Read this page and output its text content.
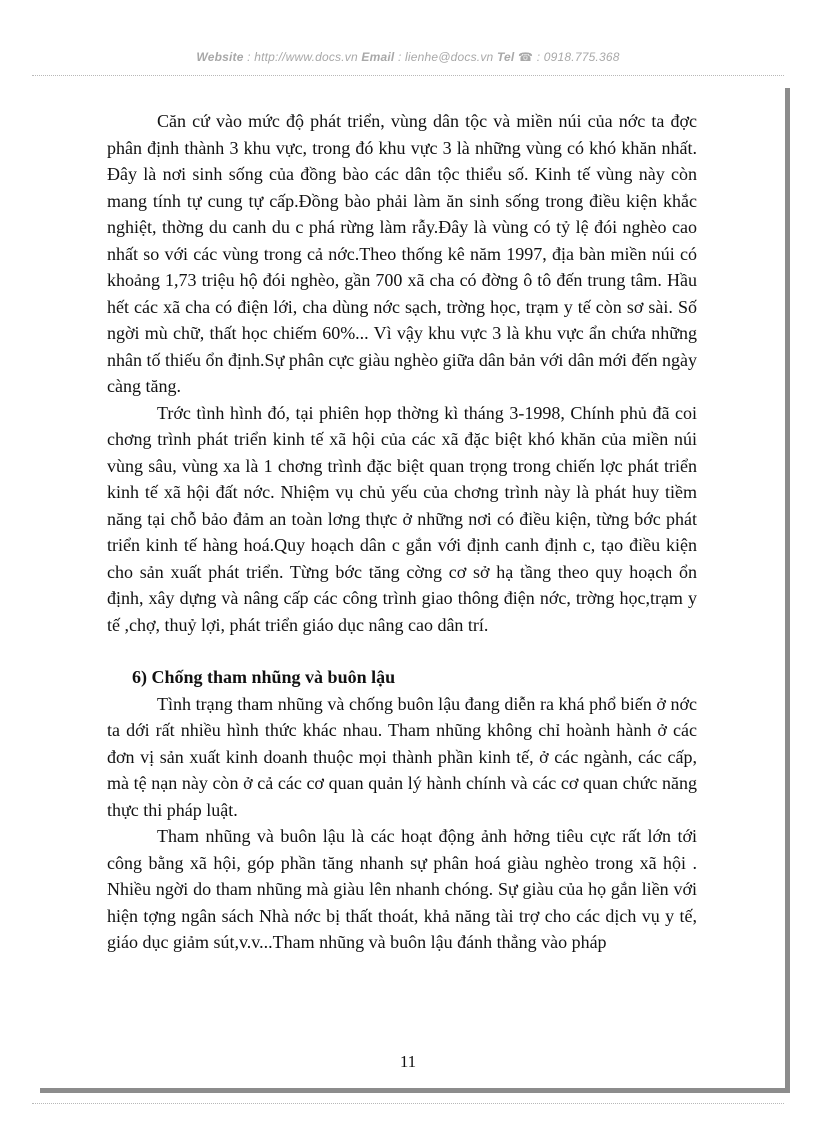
Website : http://www.docs.vn Email : lienhe@docs.vn Tel ☎ : 0918.775.368

Căn cứ vào mức độ phát triển, vùng dân tộc và miền núi của nớc ta đợc phân định thành 3 khu vực, trong đó khu vực 3 là những vùng có khó khăn nhất. Đây là nơi sinh sống của đồng bào các dân tộc thiểu số. Kinh tế vùng này còn mang tính tự cung tự cấp.Đồng bào phải làm ăn sinh sống trong điều kiện khắc nghiệt, thờng du canh du c phá rừng làm rẫy.Đây là vùng có tỷ lệ đói nghèo cao nhất so với các vùng trong cả nớc.Theo thống kê năm 1997, địa bàn miền núi có khoảng 1,73 triệu hộ đói nghèo, gần 700 xã cha có đờng ô tô đến trung tâm. Hầu hết các xã cha có điện lới, cha dùng nớc sạch, trờng học, trạm y tế còn sơ sài. Số ngời mù chữ, thất học chiếm 60%... Vì vậy khu vực 3 là khu vực ẩn chứa những nhân tố thiếu ổn định.Sự phân cực giàu nghèo giữa dân bản với dân mới đến ngày càng tăng.

Trớc tình hình đó, tại phiên họp thờng kì tháng 3-1998, Chính phủ đã coi chơng trình phát triển kinh tế xã hội của các xã đặc biệt khó khăn của miền núi vùng sâu, vùng xa là 1 chơng trình đặc biệt quan trọng trong chiến lợc phát triển kinh tế xã hội đất nớc. Nhiệm vụ chủ yếu của chơng trình này là phát huy tiềm năng tại chỗ bảo đảm an toàn lơng thực ở những nơi có điều kiện, từng bớc phát triển kinh tế hàng hoá.Quy hoạch dân c gắn với định canh định c, tạo điều kiện cho sản xuất phát triển. Từng bớc tăng cờng cơ sở hạ tầng theo quy hoạch ổn định, xây dựng và nâng cấp các công trình giao thông điện nớc, trờng học,trạm y tế ,chợ, thuỷ lợi, phát triển giáo dục nâng cao dân trí.

6) Chống tham nhũng và buôn lậu

Tình trạng tham nhũng và chống buôn lậu đang diễn ra khá phổ biến ở nớc ta dới rất nhiều hình thức khác nhau. Tham nhũng không chỉ hoành hành ở các đơn vị sản xuất kinh doanh thuộc mọi thành phần kinh tế, ở các ngành, các cấp, mà tệ nạn này còn ở cả các cơ quan quản lý hành chính và các cơ quan chức năng thực thi pháp luật.

Tham nhũng và buôn lậu là các hoạt động ảnh hởng tiêu cực rất lớn tới công bằng xã hội, góp phần tăng nhanh sự phân hoá giàu nghèo trong xã hội . Nhiều ngời do tham nhũng mà giàu lên nhanh chóng. Sự giàu của họ gắn liền với hiện tợng ngân sách Nhà nớc bị thất thoát, khả năng tài trợ cho các dịch vụ y tế, giáo dục giảm sút,v.v...Tham nhũng và buôn lậu đánh thẳng vào pháp

11
